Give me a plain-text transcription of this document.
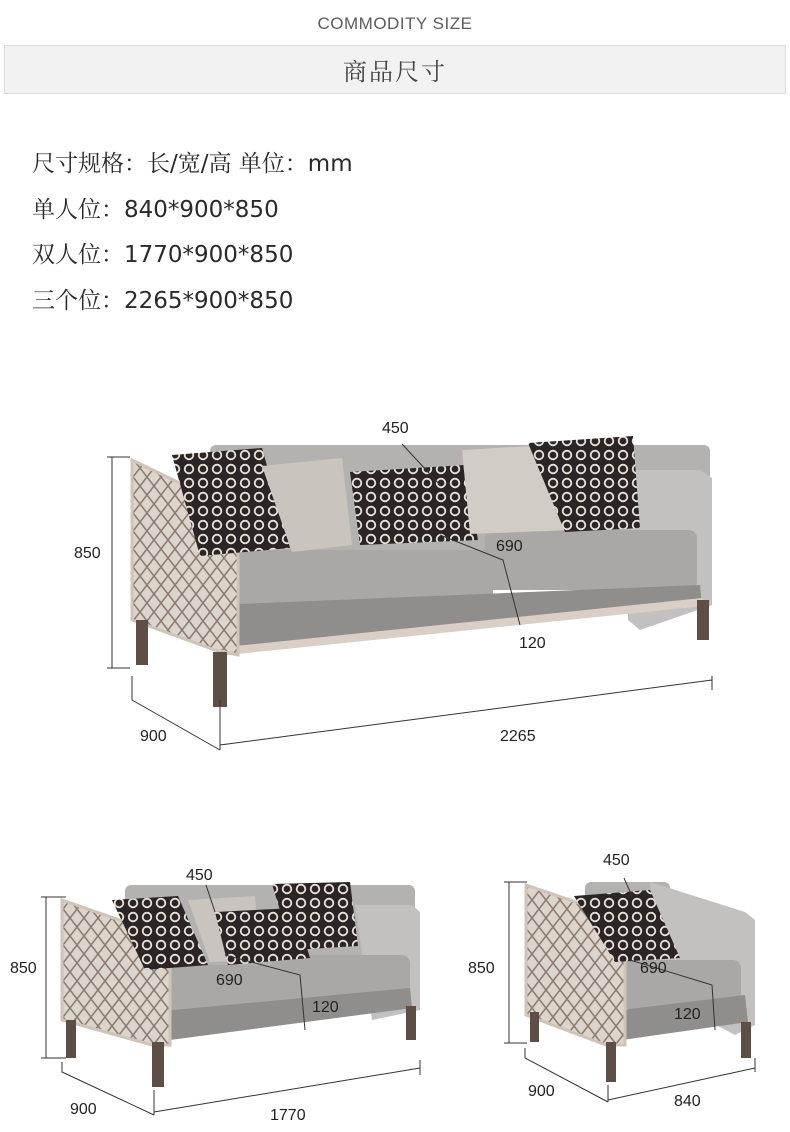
COMMODITY SIZE
商品尺寸
尺寸规格：长/宽/高 单位：mm
单人位：840*900*850
双人位：1770*900*850
三个位：2265*900*850
450
850	690
120
900	2265
450
850
690
120
900	1770
450
850	690
120
900
840
